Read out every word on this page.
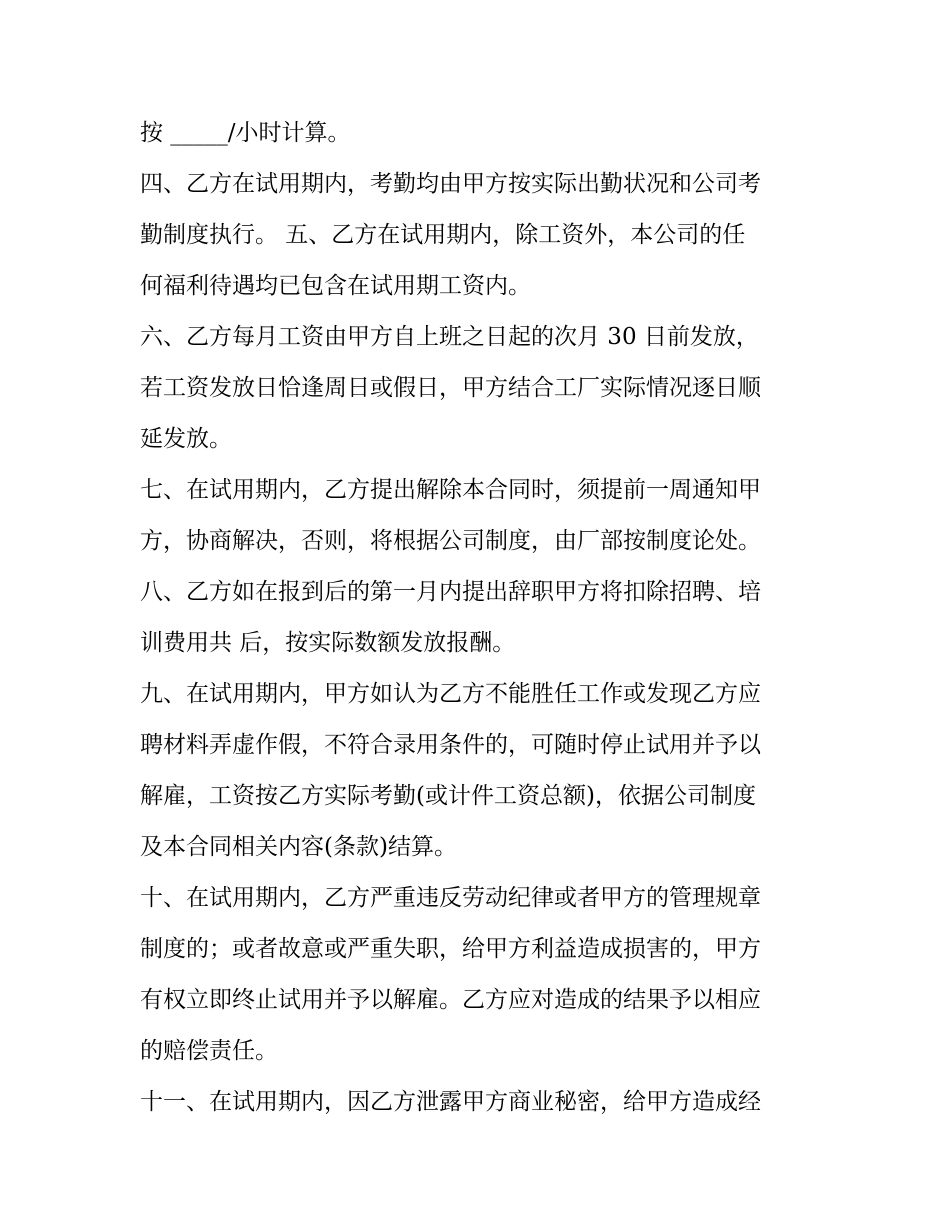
按 _____/小时计算。

四、乙方在试用期内，考勤均由甲方按实际出勤状况和公司考
勤制度执行。 五、乙方在试用期内，除工资外，本公司的任
何福利待遇均已包含在试用期工资内。

六、乙方每月工资由甲方自上班之日起的次月 30 日前发放，
若工资发放日恰逢周日或假日，甲方结合工厂实际情况逐日顺
延发放。

七、在试用期内，乙方提出解除本合同时，须提前一周通知甲
方，协商解决，否则，将根据公司制度，由厂部按制度论处。

八、乙方如在报到后的第一月内提出辞职甲方将扣除招聘、培
训费用共 后，按实际数额发放报酬。

九、在试用期内，甲方如认为乙方不能胜任工作或发现乙方应
聘材料弄虚作假，不符合录用条件的，可随时停止试用并予以
解雇，工资按乙方实际考勤(或计件工资总额)，依据公司制度
及本合同相关内容(条款)结算。

十、在试用期内，乙方严重违反劳动纪律或者甲方的管理规章
制度的；或者故意或严重失职，给甲方利益造成损害的，甲方
有权立即终止试用并予以解雇。乙方应对造成的结果予以相应
的赔偿责任。

十一、在试用期内，因乙方泄露甲方商业秘密，给甲方造成经
